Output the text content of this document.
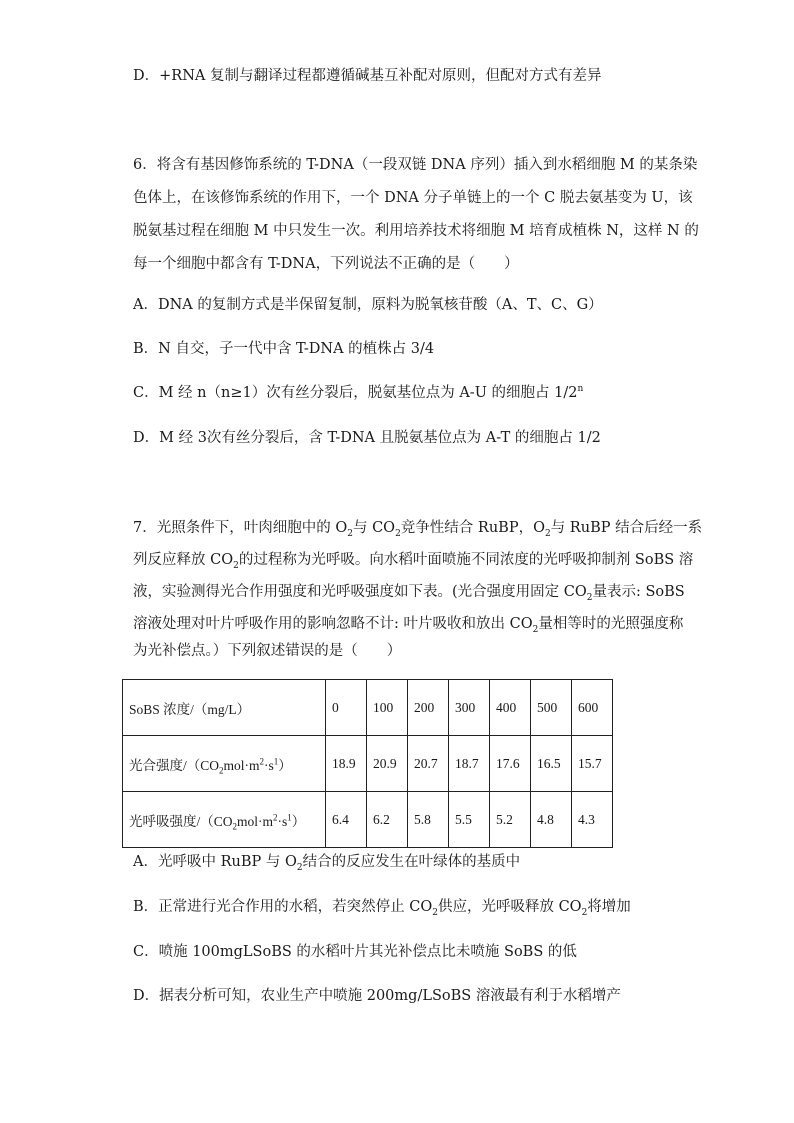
D．+RNA 复制与翻译过程都遵循碱基互补配对原则，但配对方式有差异
6．将含有基因修饰系统的 T-DNA（一段双链 DNA 序列）插入到水稻细胞 M 的某条染
色体上，在该修饰系统的作用下，一个 DNA 分子单链上的一个 C 脱去氨基变为 U，该
脱氨基过程在细胞 M 中只发生一次。利用培养技术将细胞 M 培育成植株 N，这样 N 的
每一个细胞中都含有 T-DNA，下列说法不正确的是（　　）
A．DNA 的复制方式是半保留复制，原料为脱氧核苷酸（A、T、C、G）
B．N 自交，子一代中含 T-DNA 的植株占 3/4
C．M 经 n（n≥1）次有丝分裂后，脱氨基位点为 A-U 的细胞占 1/2$^n$
D．M 经 3次有丝分裂后，含 T-DNA 且脱氨基位点为 A-T 的细胞占 1/2
7．光照条件下，叶肉细胞中的 $O_2$与 $CO_2$竞争性结合 RuBP，$O_2$与 RuBP 结合后经一系
列反应释放 $CO_2$的过程称为光呼吸。向水稻叶面喷施不同浓度的光呼吸抑制剂 SoBS 溶
液，实验测得光合作用强度和光呼吸强度如下表。(光合强度用固定 $CO_2$量表示: SoBS
溶液处理对叶片呼吸作用的影响忽略不计: 叶片吸收和放出 $CO_2$量相等时的光照强度称
为光补偿点。）下列叙述错误的是（　　）
SoBS 浓度/（mg/L）	0	100	200	300	400	500	600
光合强度$/(CO_2mol\cdot m^2\cdot s^1)$	18.9	20.9	20.7	18.7	17.6	16.5	15.7
光呼吸强度$/(CO_2mol\cdot m^2\cdot s^1)$	6.4	6.2	5.8	5.5	5.2	4.8	4.3
A．光呼吸中 RuBP 与 $O_2$结合的反应发生在叶绿体的基质中
B．正常进行光合作用的水稻，若突然停止 $CO_2$供应，光呼吸释放 $CO_2$将增加
C．喷施 100mgLSoBS 的水稻叶片其光补偿点比未喷施 SoBS 的低
D．据表分析可知，农业生产中喷施 200mg/LSoBS 溶液最有利于水稻增产
